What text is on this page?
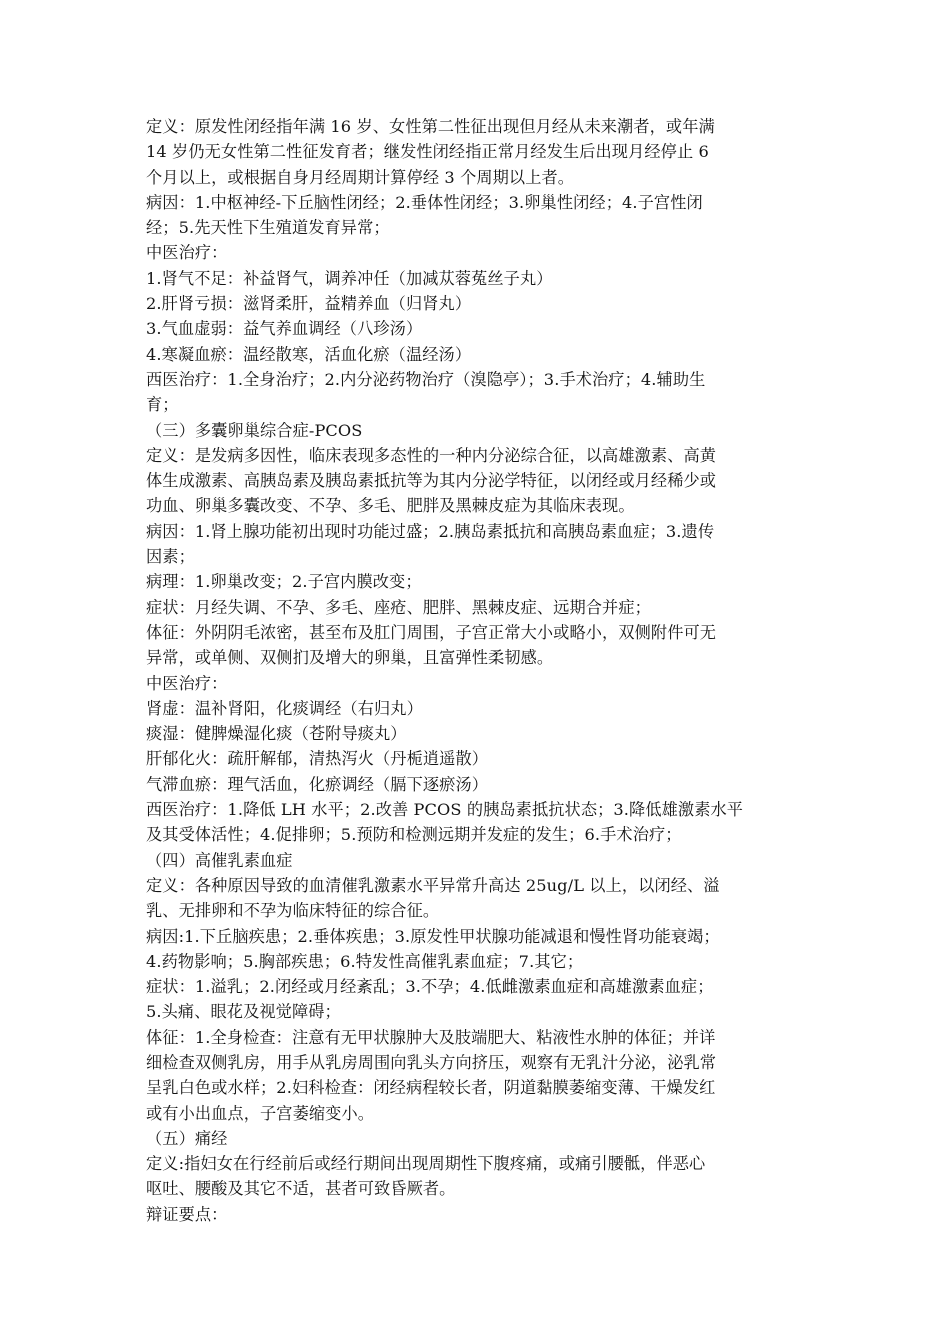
定义：原发性闭经指年满 16 岁、女性第二性征出现但月经从未来潮者，或年满

14 岁仍无女性第二性征发育者；继发性闭经指正常月经发生后出现月经停止 6

个月以上，或根据自身月经周期计算停经 3 个周期以上者。

病因：1.中枢神经-下丘脑性闭经；2.垂体性闭经；3.卵巢性闭经；4.子宫性闭

经；5.先天性下生殖道发育异常；

中医治疗：

1.肾气不足：补益肾气，调养冲任（加减苁蓉菟丝子丸）

2.肝肾亏损：滋肾柔肝，益精养血（归肾丸）

3.气血虚弱：益气养血调经（八珍汤）

4.寒凝血瘀：温经散寒，活血化瘀（温经汤）

西医治疗：1.全身治疗；2.内分泌药物治疗（溴隐亭）；3.手术治疗；4.辅助生

育；

（三）多囊卵巢综合症-PCOS

定义：是发病多因性，临床表现多态性的一种内分泌综合征，以高雄激素、高黄

体生成激素、高胰岛素及胰岛素抵抗等为其内分泌学特征，以闭经或月经稀少或

功血、卵巢多囊改变、不孕、多毛、肥胖及黑棘皮症为其临床表现。

病因：1.肾上腺功能初出现时功能过盛；2.胰岛素抵抗和高胰岛素血症；3.遗传

因素；

病理：1.卵巢改变；2.子宫内膜改变；

症状：月经失调、不孕、多毛、座疮、肥胖、黑棘皮症、远期合并症；

体征：外阴阴毛浓密，甚至布及肛门周围，子宫正常大小或略小，双侧附件可无

异常，或单侧、双侧扪及增大的卵巢，且富弹性柔韧感。

中医治疗：

肾虚：温补肾阳，化痰调经（右归丸）

痰湿：健脾燥湿化痰（苍附导痰丸）

肝郁化火：疏肝解郁，清热泻火（丹栀逍遥散）

气滞血瘀：理气活血，化瘀调经（膈下逐瘀汤）

西医治疗：1.降低 LH 水平；2.改善 PCOS 的胰岛素抵抗状态；3.降低雄激素水平

及其受体活性；4.促排卵；5.预防和检测远期并发症的发生；6.手术治疗；

（四）高催乳素血症

定义：各种原因导致的血清催乳激素水平异常升高达 25ug/L 以上，以闭经、溢

乳、无排卵和不孕为临床特征的综合征。

病因:1.下丘脑疾患；2.垂体疾患；3.原发性甲状腺功能减退和慢性肾功能衰竭；

4.药物影响；5.胸部疾患；6.特发性高催乳素血症；7.其它；

症状：1.溢乳；2.闭经或月经紊乱；3.不孕；4.低雌激素血症和高雄激素血症；

5.头痛、眼花及视觉障碍；

体征：1.全身检查：注意有无甲状腺肿大及肢端肥大、粘液性水肿的体征；并详

细检查双侧乳房，用手从乳房周围向乳头方向挤压，观察有无乳汁分泌，泌乳常

呈乳白色或水样；2.妇科检查：闭经病程较长者，阴道黏膜萎缩变薄、干燥发红

或有小出血点，子宫萎缩变小。

（五）痛经

定义:指妇女在行经前后或经行期间出现周期性下腹疼痛，或痛引腰骶，伴恶心

呕吐、腰酸及其它不适，甚者可致昏厥者。

辩证要点：
